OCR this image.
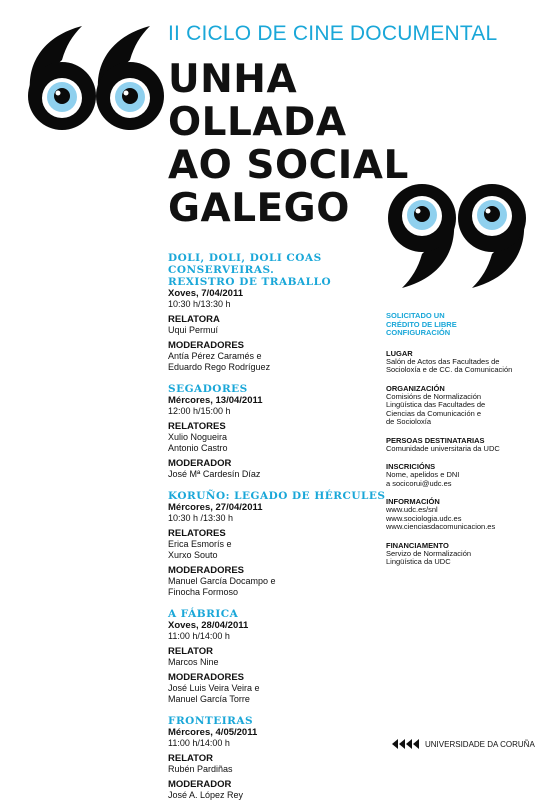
II CICLO DE CINE DOCUMENTAL
UNHA
OLLADA
AO SOCIAL
GALEGO
DOLI, DOLI, DOLI COAS CONSERVEIRAS.
REXISTRO DE TRABALLO
Xoves, 7/04/2011
10:30 h/13:30 h
RELATORA
Uqui Permuí
MODERADORES
Antía Pérez Caramés e
Eduardo Rego Rodríguez
SEGADORES
Mércores, 13/04/2011
12:00 h/15:00 h
RELATORES
Xulio Nogueira
Antonio Castro
MODERADOR
José Mª Cardesín Díaz
KORUÑO: LEGADO DE HÉRCULES
Mércores, 27/04/2011
10:30 h /13:30 h
RELATORES
Erica Esmorís e
Xurxo Souto
MODERADORES
Manuel García Docampo e
Finocha Formoso
A FÁBRICA
Xoves, 28/04/2011
11:00 h/14:00 h
RELATOR
Marcos Nine
MODERADORES
José Luis Veira Veira e
Manuel García Torre
FRONTEIRAS
Mércores, 4/05/2011
11:00 h/14:00 h
RELATOR
Rubén Pardiñas
MODERADOR
José A. López Rey
SOLICITADO UN
CRÉDITO DE LIBRE
CONFIGURACIÓN
LUGAR
Salón de Actos das Facultades de
Socioloxía e de CC. da Comunicación
ORGANIZACIÓN
Comisións de Normalización
Lingüística das Facultades de
Ciencias da Comunicación e
de Socioloxía
PERSOAS DESTINATARIAS
Comunidade universitaria da UDC
INSCRICIÓNS
Nome, apelidos e DNI
a socicorui@udc.es
INFORMACIÓN
www.udc.es/snl
www.sociologia.udc.es
www.cienciasdacomunicacion.es
FINANCIAMENTO
Servizo de Normalización
Lingüística da UDC
UNIVERSIDADE DA CORUÑA
